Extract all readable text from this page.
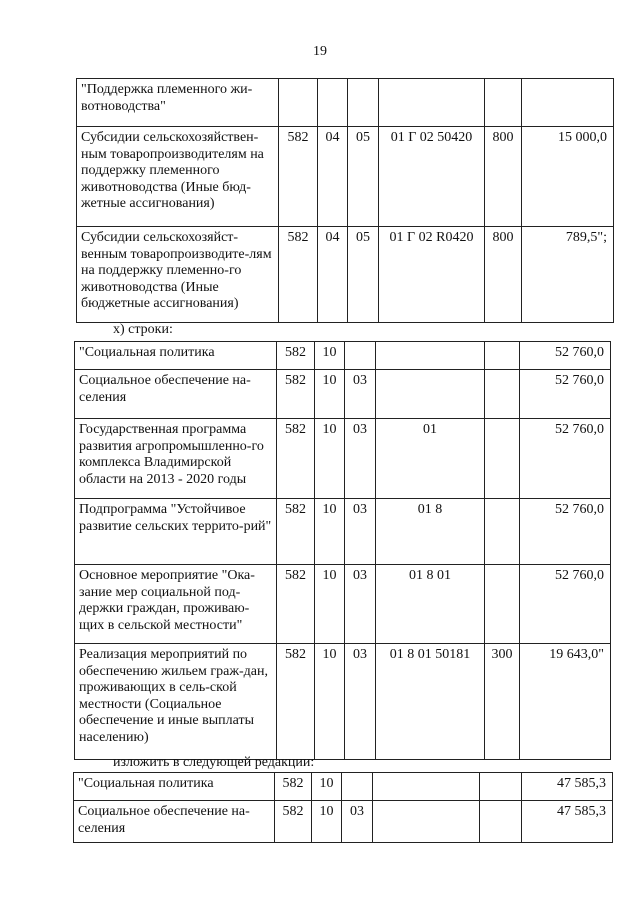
19
"Поддержка племенного жи-вотноводства"						
Субсидии сельскохозяйствен-ным товаропроизводителям на поддержку племенного животноводства (Иные бюд-жетные ассигнования)	582	04	05	01 Г 02 50420	800	15 000,0
Субсидии сельскохозяйст-венным товаропроизводите-лям на поддержку племенно-го животноводства (Иные бюджетные ассигнования)	582	04	05	01 Г 02 R0420	800	789,5";
х) строки:
"Социальная политика	582	10				52 760,0
Социальное обеспечение на-селения	582	10	03			52 760,0
Государственная программа развития агропромышленно-го комплекса Владимирской области на 2013 - 2020 годы	582	10	03	01		52 760,0
Подпрограмма "Устойчивое развитие сельских террито-рий"	582	10	03	01 8		52 760,0
Основное мероприятие "Ока-зание мер социальной под-держки граждан, проживаю-щих в сельской местности"	582	10	03	01 8 01		52 760,0
Реализация мероприятий по обеспечению жильем граж-дан, проживающих в сель-ской местности (Социальное обеспечение и иные выплаты населению)	582	10	03	01 8 01 50181	300	19 643,0"
изложить в следующей редакции:
"Социальная политика	582	10				47 585,3
Социальное обеспечение на-селения	582	10	03			47 585,3
